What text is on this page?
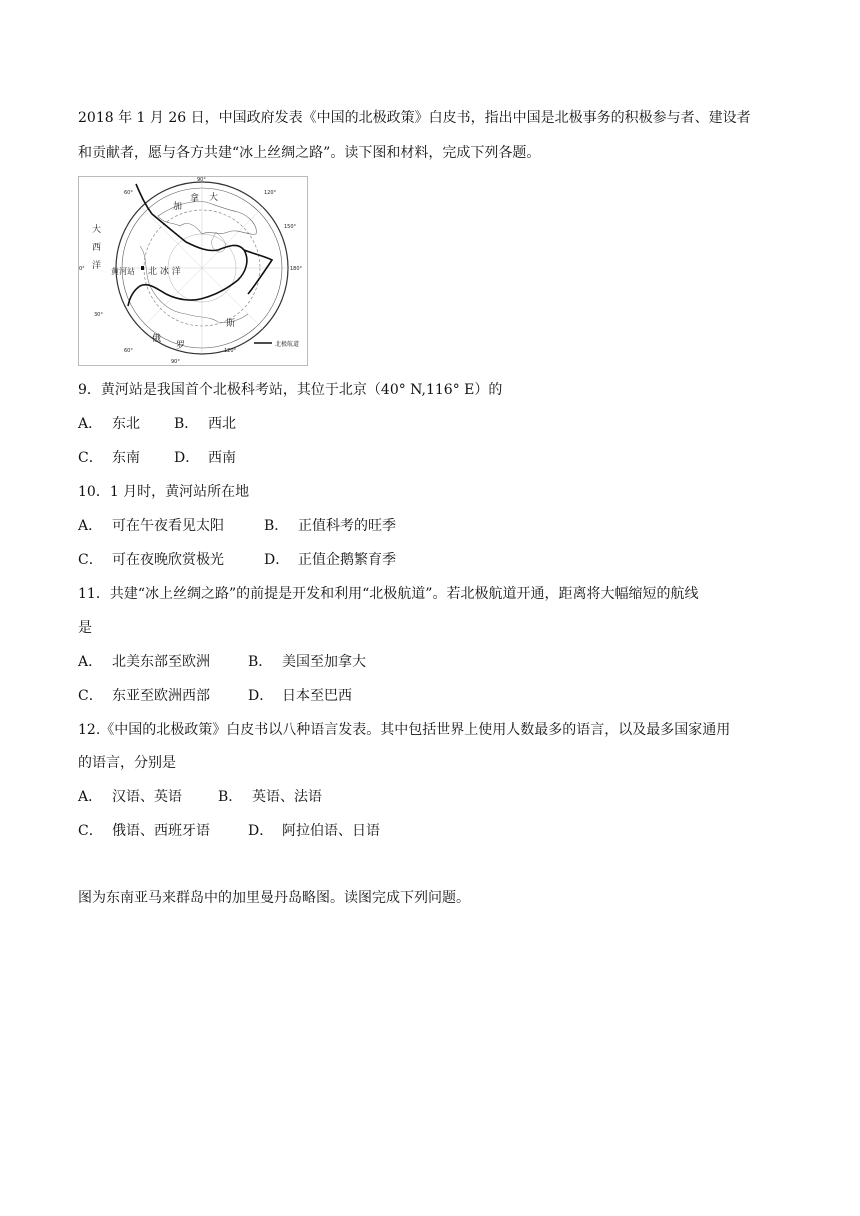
2018 年 1 月 26 日，中国政府发表《中国的北极政策》白皮书，指出中国是北极事务的积极参与者、建设者
和贡献者，愿与各方共建“冰上丝绸之路”。读下图和材料，完成下列各题。
加
拿 大
大
西
洋
黄河站 北 冰 洋
俄
罗
斯
90°
60°	120°
180°
0°
150°
30°
60°
90°
120°
北极航道
9．黄河站是我国首个北极科考站，其位于北京（40° N,116° E）的
A． 东北 B． 西北
C． 东南 D． 西南
10．1 月时，黄河站所在地
A． 可在午夜看见太阳	B． 正值科考的旺季
C． 可在夜晚欣赏极光	D． 正值企鹅繁育季
11．共建“冰上丝绸之路”的前提是开发和利用“北极航道”。若北极航道开通，距离将大幅缩短的航线
是
A． 北美东部至欧洲	B． 美国至加拿大
C． 东亚至欧洲西部	D． 日本至巴西
12.《中国的北极政策》白皮书以八种语言发表。其中包括世界上使用人数最多的语言，以及最多国家通用
的语言，分别是
A． 汉语、英语	B． 英语、法语
C． 俄语、西班牙语	D． 阿拉伯语、日语
图为东南亚马来群岛中的加里曼丹岛略图。读图完成下列问题。
